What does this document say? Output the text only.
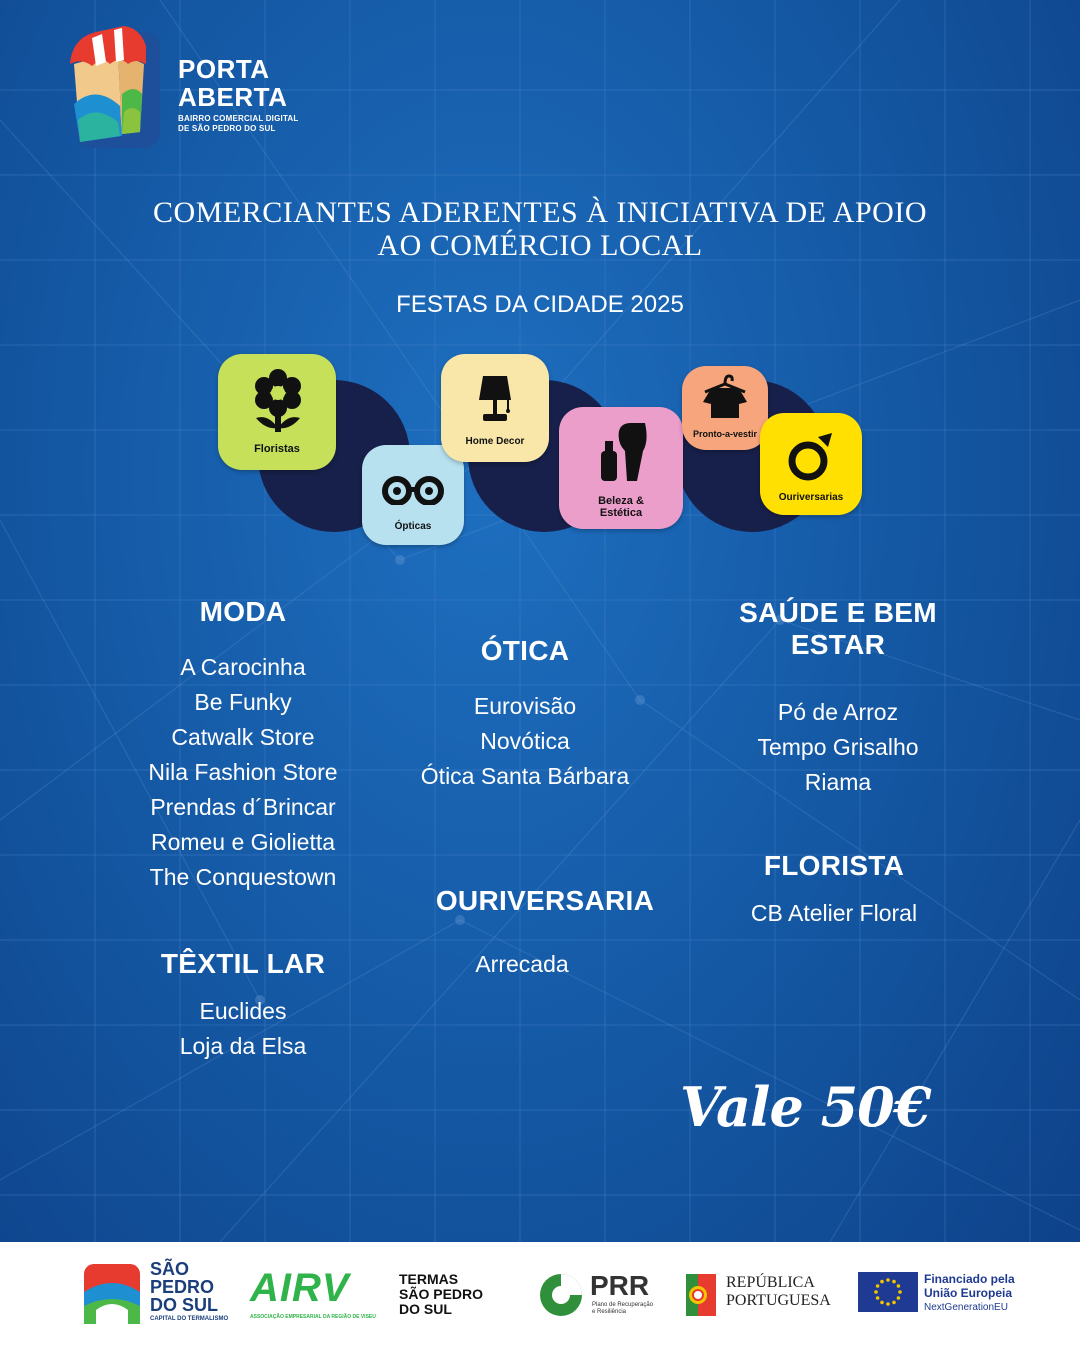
PORTA
ABERTA
BAIRRO COMERCIAL DIGITAL
DE SÃO PEDRO DO SUL
COMERCIANTES ADERENTES À INICIATIVA DE APOIO
AO COMÉRCIO LOCAL
FESTAS DA CIDADE 2025
Floristas
Ópticas
Home Decor
Beleza &
Estética
Pronto-a-vestir
Ouriversarias
MODA
A Carocinha
Be Funky
Catwalk Store
Nila Fashion Store
Prendas d´Brincar
Romeu e Giolietta
The Conquestown
TÊXTIL LAR
Euclides
Loja da Elsa
ÓTICA
Eurovisão
Novótica
Ótica Santa Bárbara
OURIVERSARIA
Arrecada
SAÚDE E BEM ESTAR
Pó de Arroz
Tempo Grisalho
Riama
FLORISTA
CB Atelier Floral
Vale 50€
SÃO
PEDRO
DO SUL
CAPITAL DO TERMALISMO
AIRV
ASSOCIAÇÃO EMPRESARIAL DA REGIÃO DE VISEU
TERMAS
SÃO PEDRO
DO SUL
PRR
Plano de Recuperação
e Resiliência
REPÚBLICA
PORTUGUESA
Financiado pela
União Europeia
NextGenerationEU
